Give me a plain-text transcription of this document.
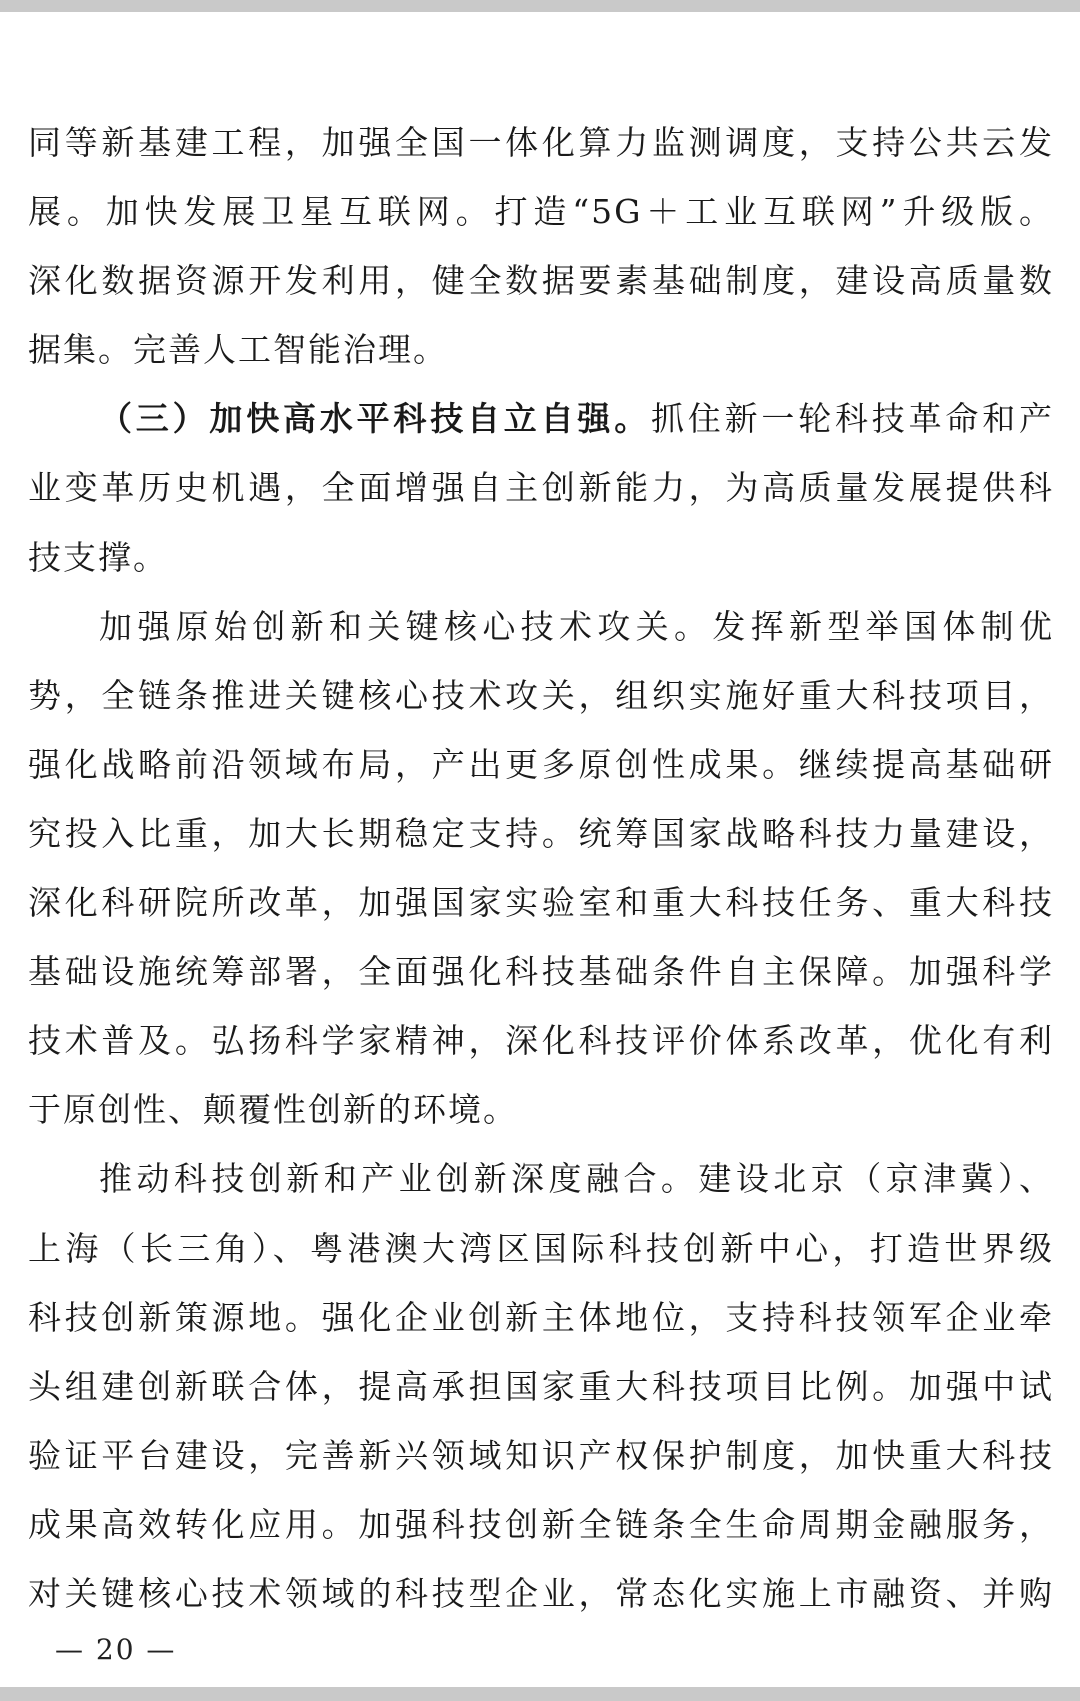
同等新基建工程，加强全国一体化算力监测调度，支持公共云发
展。加快发展卫星互联网。打造“5G＋工业互联网”升级版。
深化数据资源开发利用，健全数据要素基础制度，建设高质量数
据集。完善人工智能治理。
（三）加快高水平科技自立自强。抓住新一轮科技革命和产
业变革历史机遇，全面增强自主创新能力，为高质量发展提供科
技支撑。
加强原始创新和关键核心技术攻关。发挥新型举国体制优
势，全链条推进关键核心技术攻关，组织实施好重大科技项目，
强化战略前沿领域布局，产出更多原创性成果。继续提高基础研
究投入比重，加大长期稳定支持。统筹国家战略科技力量建设，
深化科研院所改革，加强国家实验室和重大科技任务、重大科技
基础设施统筹部署，全面强化科技基础条件自主保障。加强科学
技术普及。弘扬科学家精神，深化科技评价体系改革，优化有利
于原创性、颠覆性创新的环境。
推动科技创新和产业创新深度融合。建设北京（京津冀）、
上海（长三角）、粤港澳大湾区国际科技创新中心，打造世界级
科技创新策源地。强化企业创新主体地位，支持科技领军企业牵
头组建创新联合体，提高承担国家重大科技项目比例。加强中试
验证平台建设，完善新兴领域知识产权保护制度，加快重大科技
成果高效转化应用。加强科技创新全链条全生命周期金融服务，
对关键核心技术领域的科技型企业，常态化实施上市融资、并购
— 20 —
